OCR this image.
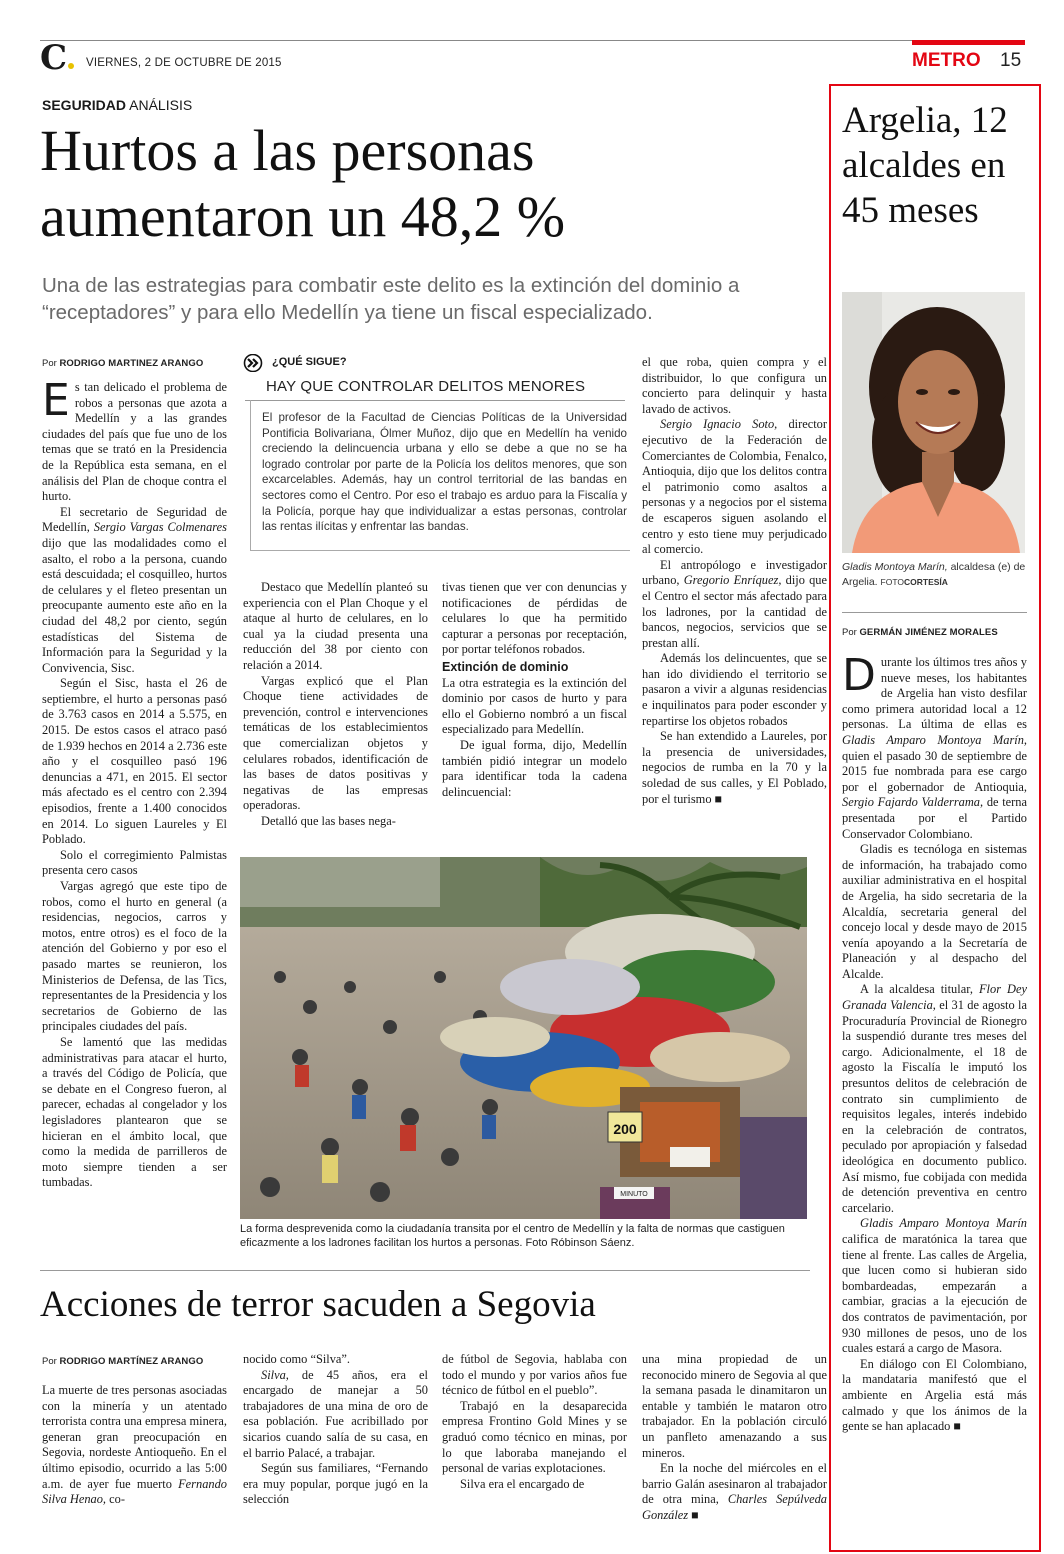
C	VIERNES, 2 DE OCTUBRE DE 2015	METRO 15
SEGURIDAD ANÁLISIS
Hurtos a las personas
aumentaron un 48,2 %
Una de las estrategias para combatir este delito es la extinción del dominio a “receptadores” y para ello Medellín ya tiene un fiscal especializado.
Por RODRIGO MARTINEZ ARANGO

Es tan delicado el problema de robos a personas que azota a Medellín y a las grandes ciudades del país que fue uno de los temas que se trató en la Presidencia de la República esta semana, en el análisis del Plan de choque contra el hurto.

El secretario de Seguridad de Medellín, Sergio Vargas Colmenares dijo que las modalidades como el asalto, el robo a la persona, cuando está descuidada; el cosquilleo, hurtos de celulares y el fleteo presentan un preocupante aumento este año en la ciudad del 48,2 por ciento, según estadísticas del Sistema de Información para la Seguridad y la Convivencia, Sisc.

Según el Sisc, hasta el 26 de septiembre, el hurto a personas pasó de 3.763 casos en 2014 a 5.575, en 2015. De estos casos el atraco pasó de 1.939 hechos en 2014 a 2.736 este año y el cosquilleo pasó 196 denuncias a 471, en 2015. El sector más afectado es el centro con 2.394 episodios, frente a 1.400 conocidos en 2014. Lo siguen Laureles y El Poblado.

Solo el corregimiento Palmistas presenta cero casos

Vargas agregó que este tipo de robos, como el hurto en general (a residencias, negocios, carros y motos, entre otros) es el foco de la atención del Gobierno y por eso el pasado martes se reunieron, los Ministerios de Defensa, de las Tics, representantes de la Presidencia y los secretarios de Gobierno de las principales ciudades del país.

Se lamentó que las medidas administrativas para atacar el hurto, a través del Código de Policía, que se debate en el Congreso fueron, al parecer, echadas al congelador y los legisladores plantearon que se hicieran en el ámbito local, que como la medida de parrilleros de moto siempre tienden a ser tumbadas.

¿QUÉ SIGUE?
HAY QUE CONTROLAR DELITOS MENORES
El profesor de la Facultad de Ciencias Políticas de la Universidad Pontificia Bolivariana, Ólmer Muñoz, dijo que en Medellín ha venido creciendo la delincuencia urbana y ello se debe a que no se ha logrado controlar por parte de la Policía los delitos menores, que son excarcelables. Además, hay un control territorial de las bandas en sectores como el Centro. Por eso el trabajo es arduo para la Fiscalía y la Policía, porque hay que individualizar a estas personas, controlar las rentas ilícitas y enfrentar las bandas.

Destaco que Medellín planteó su experiencia con el Plan Choque y el ataque al hurto de celulares, en lo cual ya la ciudad presenta una reducción del 38 por ciento con relación a 2014.

Vargas explicó que el Plan Choque tiene actividades de prevención, control e intervenciones temáticas de los establecimientos que comercializan objetos y celulares robados, identificación de las bases de datos positivas y negativas de las empresas operadoras.

Detalló que las bases nega-

tivas tienen que ver con denuncias y notificaciones de pérdidas de celulares lo que ha permitido capturar a personas por receptación, por portar teléfonos robados.

Extinción de dominio

La otra estrategia es la extinción del dominio por casos de hurto y para ello el Gobierno nombró a un fiscal especializado para Medellín.

De igual forma, dijo, Medellín también pidió integrar un modelo para identificar toda la cadena delincuencial:

el que roba, quien compra y el distribuidor, lo que configura un concierto para delinquir y hasta lavado de activos.

Sergio Ignacio Soto, director ejecutivo de la Federación de Comerciantes de Colombia, Fenalco, Antioquia, dijo que los delitos contra el patrimonio como asaltos a personas y a negocios por el sistema de escaperos siguen asolando el centro y esto tiene muy perjudicado al comercio.

El antropólogo e investigador urbano, Gregorio Enríquez, dijo que el Centro el sector más afectado para los ladrones, por la cantidad de bancos, negocios, servicios que se prestan allí.

Además los delincuentes, que se han ido dividiendo el territorio se pasaron a vivir a algunas residencias e inquilinatos para poder esconder y repartirse los objetos robados

Se han extendido a Laureles, por la presencia de universidades, negocios de rumba en la 70 y la soledad de sus calles, y El Poblado, por el turismo ■

200
MINUTO
La forma desprevenida como la ciudadanía transita por el centro de Medellín y la falta de normas que castiguen eficazmente a los ladrones facilitan los hurtos a personas. Foto Róbinson Sáenz.
Acciones de terror sacuden a Segovia
Por RODRIGO MARTÍNEZ ARANGO

La muerte de tres personas asociadas con la minería y un atentado terrorista contra una empresa minera, generan gran preocupación en Segovia, nordeste Antioqueño. En el último episodio, ocurrido a las 5:00 a.m. de ayer fue muerto Fernando Silva Henao, co-

nocido como “Silva”.

Silva, de 45 años, era el encargado de manejar a 50 trabajadores de una mina de oro de esa población. Fue acribillado por sicarios cuando salía de su casa, en el barrio Palacé, a trabajar.

Según sus familiares, “Fernando era muy popular, porque jugó en la selección

de fútbol de Segovia, hablaba con todo el mundo y por varios años fue técnico de fútbol en el pueblo”.

Trabajó en la desaparecida empresa Frontino Gold Mines y se graduó como técnico en minas, por lo que laboraba manejando el personal de varias explotaciones.

Silva era el encargado de

una mina propiedad de un reconocido minero de Segovia al que la semana pasada le dinamitaron un entable y también le mataron otro trabajador. En la población circuló un panfleto amenazando a sus mineros.

En la noche del miércoles en el barrio Galán asesinaron al trabajador de otra mina, Charles Sepúlveda González ■

Argelia, 12 alcaldes en 45 meses
Gladis Montoya Marín, alcaldesa (e) de Argelia. FOTOCORTESÍA
Por GERMÁN JIMÉNEZ MORALES

Durante los últimos tres años y nueve meses, los habitantes de Argelia han visto desfilar como primera autoridad local a 12 personas. La última de ellas es Gladis Amparo Montoya Marín, quien el pasado 30 de septiembre de 2015 fue nombrada para ese cargo por el gobernador de Antioquia, Sergio Fajardo Valderrama, de terna presentada por el Partido Conservador Colombiano.

Gladis es tecnóloga en sistemas de información, ha trabajado como auxiliar administrativa en el hospital de Argelia, ha sido secretaria de la Alcaldía, secretaria general del concejo local y desde mayo de 2015 venía apoyando a la Secretaría de Planeación y al despacho del Alcalde.

A la alcaldesa titular, Flor Dey Granada Valencia, el 31 de agosto la Procuraduría Provincial de Rionegro la suspendió durante tres meses del cargo. Adicionalmente, el 18 de agosto la Fiscalía le imputó los presuntos delitos de celebración de contrato sin cumplimiento de requisitos legales, interés indebido en la celebración de contratos, peculado por apropiación y falsedad ideológica en documento publico. Así mismo, fue cobijada con medida de detención preventiva en centro carcelario.

Gladis Amparo Montoya Marín califica de maratónica la tarea que tiene al frente. Las calles de Argelia, que lucen como si hubieran sido bombardeadas, empezarán a cambiar, gracias a la ejecución de dos contratos de pavimentación, por 930 millones de pesos, uno de los cuales estará a cargo de Masora.

En diálogo con El Colombiano, la mandataria manifestó que el ambiente en Argelia está más calmado y que los ánimos de la gente se han aplacado ■
